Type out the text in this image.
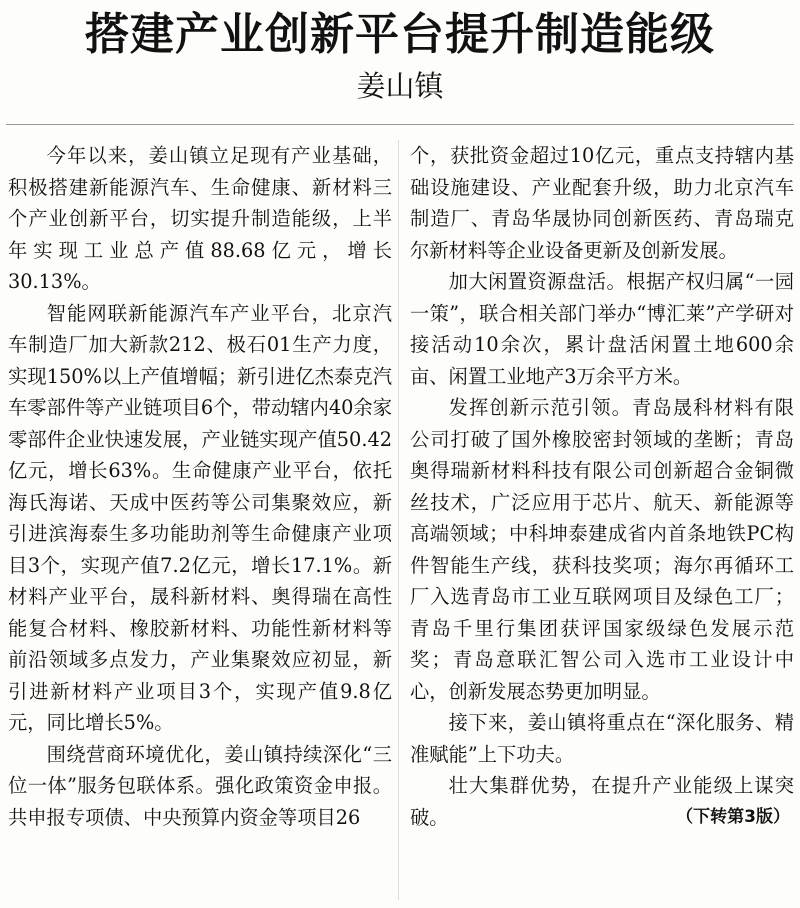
搭建产业创新平台提升制造能级
姜山镇

今年以来，姜山镇立足现有产业基础，积极搭建新能源汽车、生命健康、新材料三个产业创新平台，切实提升制造能级，上半年实现工业总产值88.68亿元，增长30.13%。

智能网联新能源汽车产业平台，北京汽车制造厂加大新款212、极石01生产力度，实现150%以上产值增幅；新引进亿杰泰克汽车零部件等产业链项目6个，带动辖内40余家零部件企业快速发展，产业链实现产值50.42亿元，增长63%。生命健康产业平台，依托海氏海诺、天成中医药等公司集聚效应，新引进滨海泰生多功能助剂等生命健康产业项目3个，实现产值7.2亿元，增长17.1%。新材料产业平台，晟科新材料、奥得瑞在高性能复合材料、橡胶新材料、功能性新材料等前沿领域多点发力，产业集聚效应初显，新引进新材料产业项目3个，实现产值9.8亿元，同比增长5%。

围绕营商环境优化，姜山镇持续深化“三位一体”服务包联体系。强化政策资金申报。共申报专项债、中央预算内资金等项目26

个，获批资金超过10亿元，重点支持辖内基础设施建设、产业配套升级，助力北京汽车制造厂、青岛华晟协同创新医药、青岛瑞克尔新材料等企业设备更新及创新发展。

加大闲置资源盘活。根据产权归属“一园一策”，联合相关部门举办“博汇莱”产学研对接活动10余次，累计盘活闲置土地600余亩、闲置工业地产3万余平方米。

发挥创新示范引领。青岛晟科材料有限公司打破了国外橡胶密封领域的垄断；青岛奥得瑞新材料科技有限公司创新超合金铜微丝技术，广泛应用于芯片、航天、新能源等高端领域；中科坤泰建成省内首条地铁PC构件智能生产线，获科技奖项；海尔再循环工厂入选青岛市工业互联网项目及绿色工厂；青岛千里行集团获评国家级绿色发展示范奖；青岛意联汇智公司入选市工业设计中心，创新发展态势更加明显。

接下来，姜山镇将重点在“深化服务、精准赋能”上下功夫。

壮大集群优势，在提升产业能级上谋突破。	（下转第3版）
